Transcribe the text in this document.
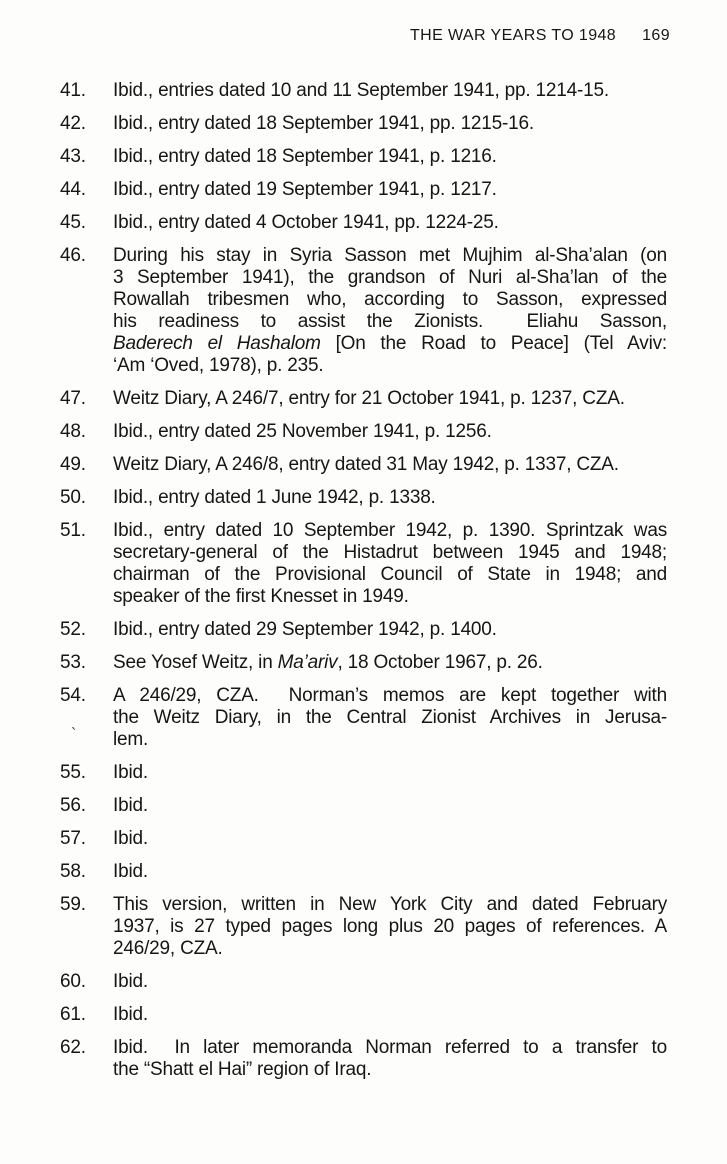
THE WAR YEARS TO 1948 169
41. Ibid., entries dated 10 and 11 September 1941, pp. 1214-15.
42. Ibid., entry dated 18 September 1941, pp. 1215-16.
43. Ibid., entry dated 18 September 1941, p. 1216.
44. Ibid., entry dated 19 September 1941, p. 1217.
45. Ibid., entry dated 4 October 1941, pp. 1224-25.
46. During his stay in Syria Sasson met Mujhim al-Sha’alan (on
3 September 1941), the grandson of Nuri al-Sha’lan of the
Rowallah tribesmen who, according to Sasson, expressed
his readiness to assist the Zionists.  Eliahu Sasson,
Baderech el Hashalom [On the Road to Peace] (Tel Aviv:
‘Am ‘Oved, 1978), p. 235.
47. Weitz Diary, A 246/7, entry for 21 October 1941, p. 1237, CZA.
48. Ibid., entry dated 25 November 1941, p. 1256.
49. Weitz Diary, A 246/8, entry dated 31 May 1942, p. 1337, CZA.
50. Ibid., entry dated 1 June 1942, p. 1338.
51. Ibid., entry dated 10 September 1942, p. 1390. Sprintzak was
secretary-general of the Histadrut between 1945 and 1948;
chairman of the Provisional Council of State in 1948; and
speaker of the first Knesset in 1949.
52. Ibid., entry dated 29 September 1942, p. 1400.
53. See Yosef Weitz, in Ma’ariv, 18 October 1967, p. 26.
54. A 246/29, CZA.  Norman’s memos are kept together with
the Weitz Diary, in the Central Zionist Archives in Jerusa-
lem.
55. Ibid.
56. Ibid.
57. Ibid.
58. Ibid.
59. This version, written in New York City and dated February
1937, is 27 typed pages long plus 20 pages of references. A
246/29, CZA.
60. Ibid.
61. Ibid.
62. Ibid.  In later memoranda Norman referred to a transfer to
the “Shatt el Hai” region of Iraq.
`
